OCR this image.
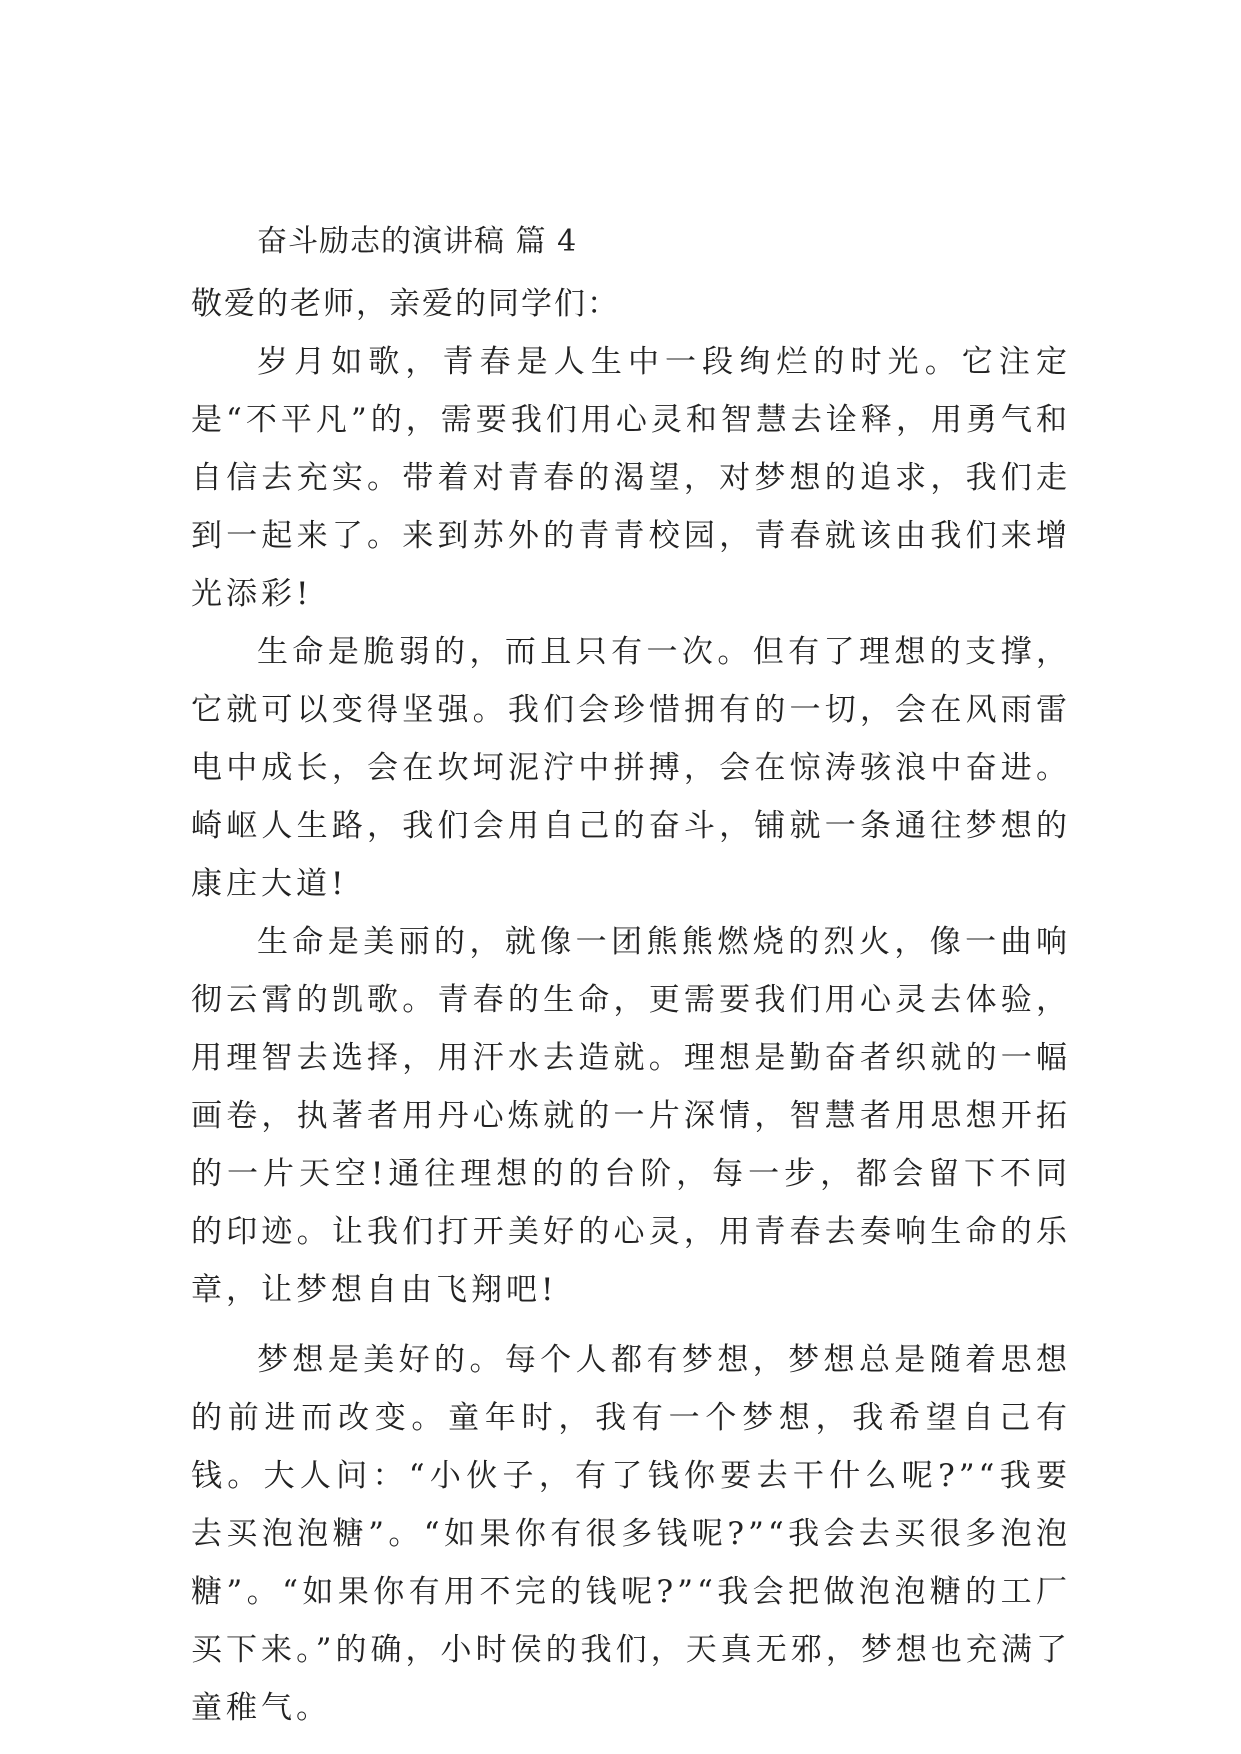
奋斗励志的演讲稿 篇 4
敬爱的老师，亲爱的同学们：

岁月如歌，青春是人生中一段绚烂的时光。它注定是“不平凡”的，需要我们用心灵和智慧去诠释，用勇气和自信去充实。带着对青春的渴望，对梦想的追求，我们走到一起来了。来到苏外的青青校园，青春就该由我们来增光添彩!

生命是脆弱的，而且只有一次。但有了理想的支撑，它就可以变得坚强。我们会珍惜拥有的一切，会在风雨雷电中成长，会在坎坷泥泞中拼搏，会在惊涛骇浪中奋进。崎岖人生路，我们会用自己的奋斗，铺就一条通往梦想的康庄大道!

生命是美丽的，就像一团熊熊燃烧的烈火，像一曲响彻云霄的凯歌。青春的生命，更需要我们用心灵去体验，用理智去选择，用汗水去造就。理想是勤奋者织就的一幅画卷，执著者用丹心炼就的一片深情，智慧者用思想开拓的一片天空!通往理想的的台阶，每一步，都会留下不同的印迹。让我们打开美好的心灵，用青春去奏响生命的乐章，让梦想自由飞翔吧!

梦想是美好的。每个人都有梦想，梦想总是随着思想的前进而改变。童年时，我有一个梦想，我希望自己有钱。大人问：“小伙子，有了钱你要去干什么呢?”“我要去买泡泡糖”。“如果你有很多钱呢?”“我会去买很多泡泡糖”。“如果你有用不完的钱呢?”“我会把做泡泡糖的工厂买下来。”的确，小时侯的我们，天真无邪，梦想也充满了童稚气。
